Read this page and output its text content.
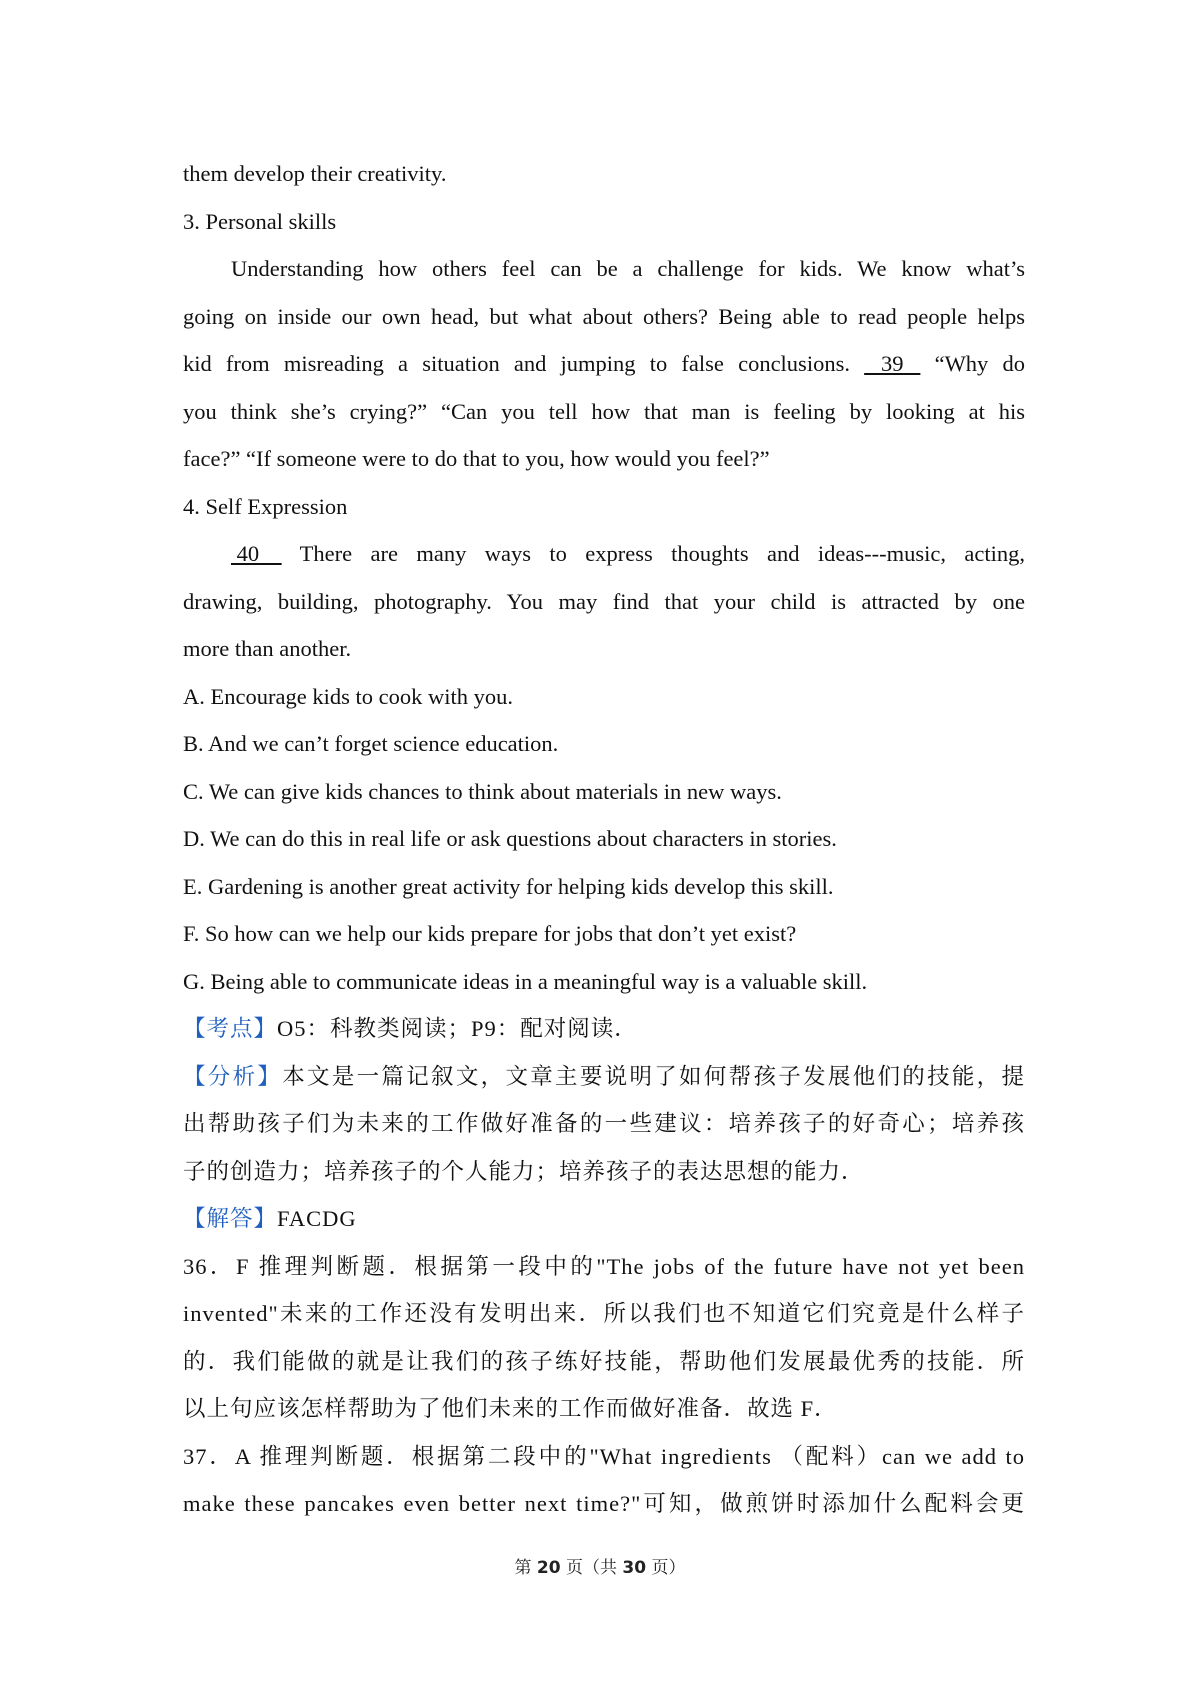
them develop their creativity.
3. Personal skills
Understanding how others feel can be a challenge for kids. We know what’s
going on inside our own head, but what about others? Being able to read people helps
kid from misreading a situation and jumping to false conclusions.    39    “Why do
you think she’s crying?” “Can you tell how that man is feeling by looking at his
face?” “If someone were to do that to you, how would you feel?”
4. Self Expression
40     There are many ways to express thoughts and ideas---music, acting,
drawing, building, photography. You may find that your child is attracted by one
more than another.
A. Encourage kids to cook with you.
B. And we can’t forget science education.
C. We can give kids chances to think about materials in new ways.
D. We can do this in real life or ask questions about characters in stories.
E. Gardening is another great activity for helping kids develop this skill.
F. So how can we help our kids prepare for jobs that don’t yet exist?
G. Being able to communicate ideas in a meaningful way is a valuable skill.
【考点】O5：科教类阅读；P9：配对阅读．
【分析】本文是一篇记叙文，文章主要说明了如何帮孩子发展他们的技能，提
出帮助孩子们为未来的工作做好准备的一些建议：培养孩子的好奇心；培养孩
子的创造力；培养孩子的个人能力；培养孩子的表达思想的能力．
【解答】FACDG
36．F 推理判断题．根据第一段中的"The jobs of the future have not yet been
invented"未来的工作还没有发明出来．所以我们也不知道它们究竟是什么样子
的．我们能做的就是让我们的孩子练好技能，帮助他们发展最优秀的技能．所
以上句应该怎样帮助为了他们未来的工作而做好准备．故选 F．
37．A 推理判断题．根据第二段中的"What ingredients （配料）can we add to
make these pancakes even better next time?"可知，做煎饼时添加什么配料会更
第 20 页（共 30 页）
